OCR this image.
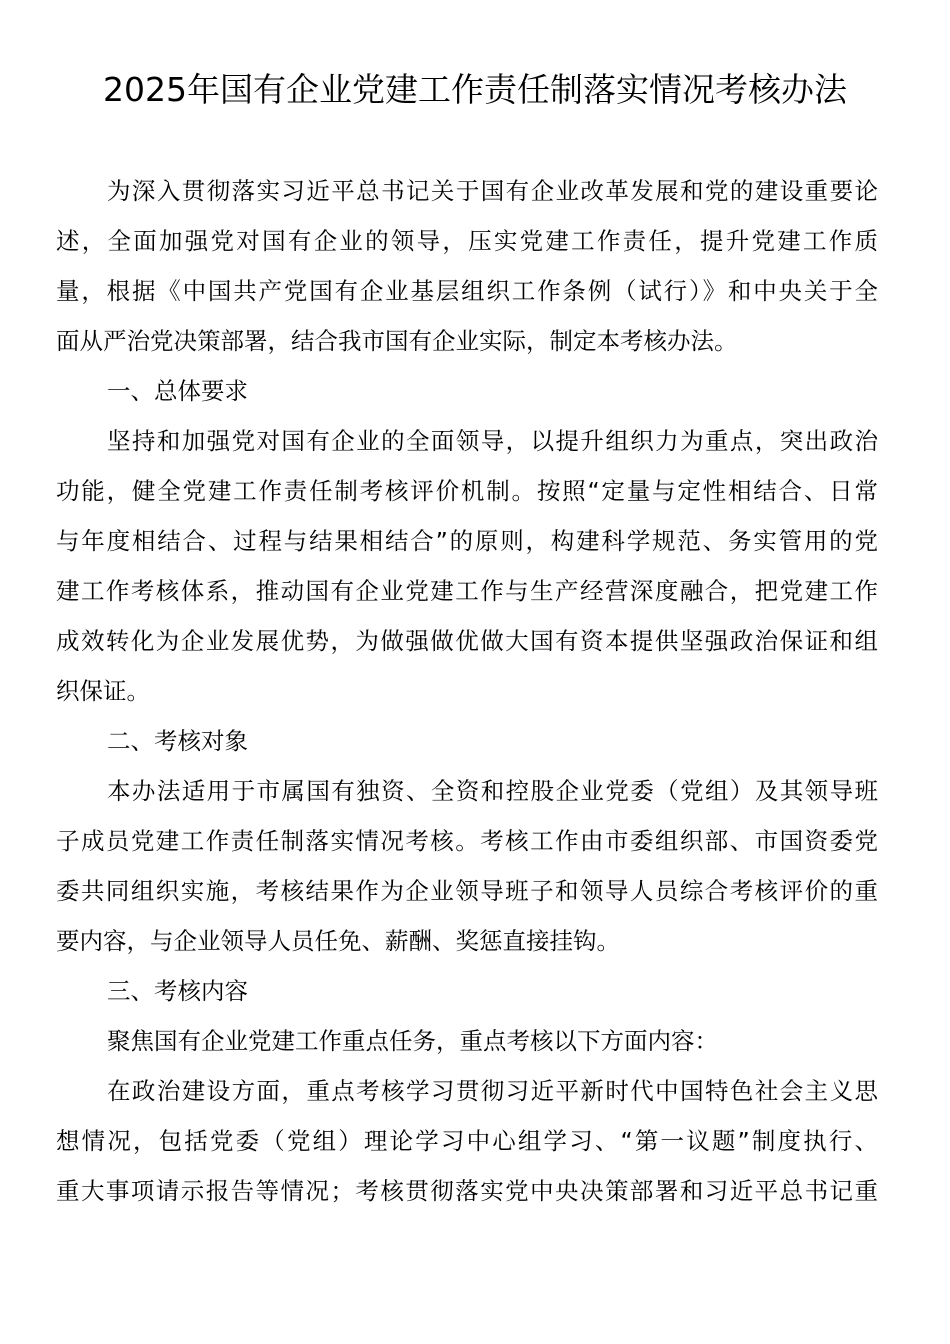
2025年国有企业党建工作责任制落实情况考核办法
为深入贯彻落实习近平总书记关于国有企业改革发展和党的建设重要论
述，全面加强党对国有企业的领导，压实党建工作责任，提升党建工作质
量，根据《中国共产党国有企业基层组织工作条例（试行）》和中央关于全
面从严治党决策部署，结合我市国有企业实际，制定本考核办法。
一、总体要求
坚持和加强党对国有企业的全面领导，以提升组织力为重点，突出政治
功能，健全党建工作责任制考核评价机制。按照“定量与定性相结合、日常
与年度相结合、过程与结果相结合”的原则，构建科学规范、务实管用的党
建工作考核体系，推动国有企业党建工作与生产经营深度融合，把党建工作
成效转化为企业发展优势，为做强做优做大国有资本提供坚强政治保证和组
织保证。
二、考核对象
本办法适用于市属国有独资、全资和控股企业党委（党组）及其领导班
子成员党建工作责任制落实情况考核。考核工作由市委组织部、市国资委党
委共同组织实施，考核结果作为企业领导班子和领导人员综合考核评价的重
要内容，与企业领导人员任免、薪酬、奖惩直接挂钩。
三、考核内容
聚焦国有企业党建工作重点任务，重点考核以下方面内容：
在政治建设方面，重点考核学习贯彻习近平新时代中国特色社会主义思
想情况，包括党委（党组）理论学习中心组学习、“第一议题”制度执行、
重大事项请示报告等情况；考核贯彻落实党中央决策部署和习近平总书记重
